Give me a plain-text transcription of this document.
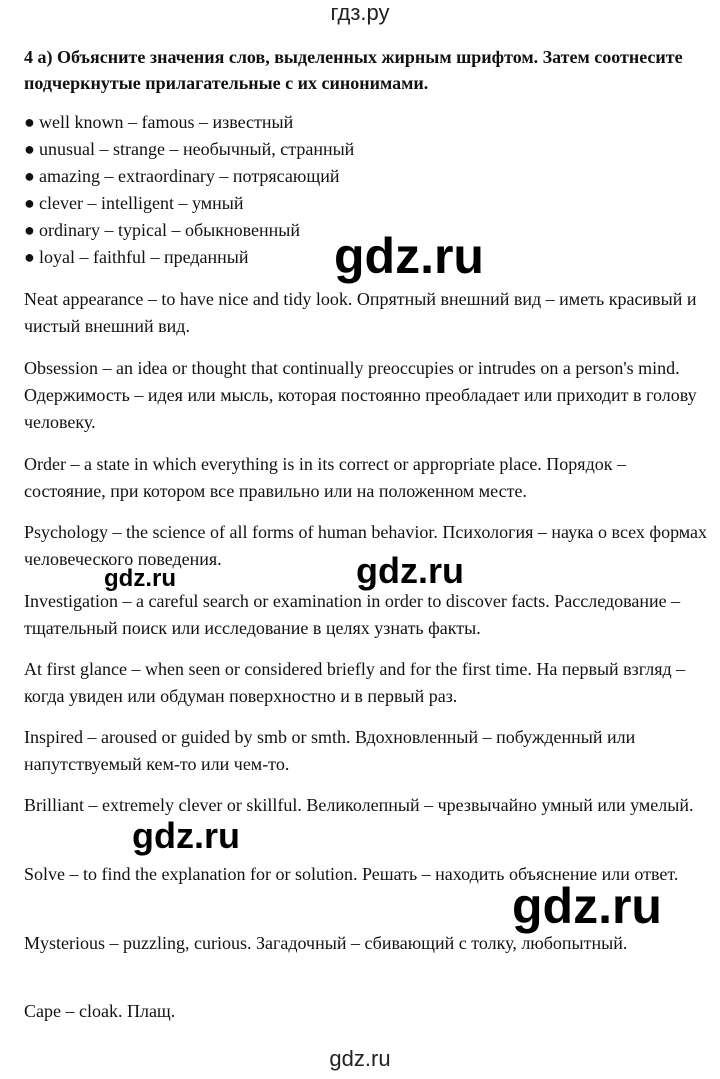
гдз.ру
4 а) Объясните значения слов, выделенных жирным шрифтом. Затем соотнесите подчеркнутые прилагательные с их синонимами.
● well known – famous – известный
● unusual – strange – необычный, странный
● amazing – extraordinary – потрясающий
● clever – intelligent – умный
● ordinary – typical – обыкновенный
● loyal – faithful – преданный

Neat appearance – to have nice and tidy look. Опрятный внешний вид – иметь красивый и чистый внешний вид.

Obsession – an idea or thought that continually preoccupies or intrudes on a person's mind. Одержимость – идея или мысль, которая постоянно преобладает или приходит в голову человеку.

Order – a state in which everything is in its correct or appropriate place. Порядок – состояние, при котором все правильно или на положенном месте.

Psychology – the science of all forms of human behavior. Психология – наука о всех формах человеческого поведения.

Investigation – a careful search or examination in order to discover facts. Расследование – тщательный поиск или исследование в целях узнать факты.

At first glance – when seen or considered briefly and for the first time. На первый взгляд – когда увиден или обдуман поверхностно и в первый раз.

Inspired – aroused or guided by smb or smth. Вдохновленный – побужденный или напутствуемый кем-то или чем-то.

Brilliant – extremely clever or skillful. Великолепный – чрезвычайно умный или умелый.

Solve – to find the explanation for or solution. Решать – находить объяснение или ответ.

Mysterious – puzzling, curious. Загадочный – сбивающий с толку, любопытный.

Cape – cloak. Плащ.

gdz.ru
gdz.ru	gdz.ru
gdz.ru
gdz.ru
gdz.ru
